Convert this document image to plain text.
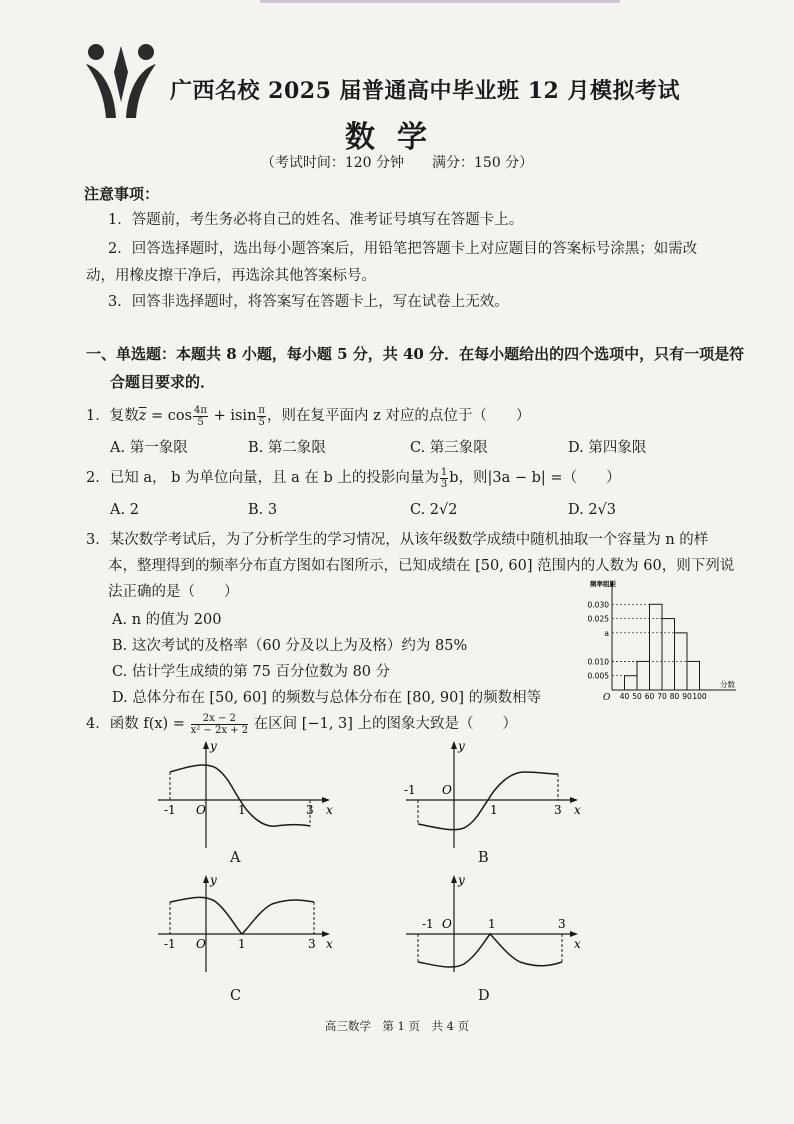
广西名校 2025 届普通高中毕业班 12 月模拟考试
数学
（考试时间：120 分钟　　满分：150 分）
注意事项：
1．答题前，考生务必将自己的姓名、准考证号填写在答题卡上。
2．回答选择题时，选出每小题答案后，用铅笔把答题卡上对应题目的答案标号涂黑；如需改
动，用橡皮擦干净后，再选涂其他答案标号。
3．回答非选择题时，将答案写在答题卡上，写在试卷上无效。
一、单选题：本题共 8 小题，每小题 5 分，共 40 分．在每小题给出的四个选项中，只有一项是符
合题目要求的．
1．复数$\overline{z} = \cos \frac{4\pi}{5} + isin \frac{\pi}{5}$ ，则在复平面内 z 对应的点位于（　　）
A. 第一象限	B. 第二象限	C. 第三象限	D. 第四象限
2．已知 a， b 为单位向量，且 a 在 b 上的投影向量为 $\frac{1}{3}$ b，则|3a − b| =（　　）
A. 2	B. 3	C. 2√2	D. 2√3
3．某次数学考试后，为了分析学生的学习情况，从该年级数学成绩中随机抽取一个容量为 n 的样
本，整理得到的频率分布直方图如右图所示，已知成绩在 [50, 60] 范围内的人数为 60，则下列说
法正确的是（　　）
A. n 的值为 200
B. 这次考试的及格率（60 分及以上为及格）约为 85%
C. 估计学生成绩的第 75 百分位数为 80 分
D. 总体分布在 [50, 60] 的频数与总体分布在 [80, 90] 的频数相等
0.030
0.025
a
0.010
0.005
40 50 60 70 80 90 100
O
频率组距
分数
4．函数 $f(x) = \frac{2x - 2}{\text{x² − 2x + 2}}$ 在区间 [−1, 3] 上的图象大致是（　　）
-1 O	1	3 x
y
A
-1 O
1	3 x
y
B
-1 O	1	3 x
y
C
-1 O	1	3
x
y
D
高三数学　第 1 页　共 4 页
